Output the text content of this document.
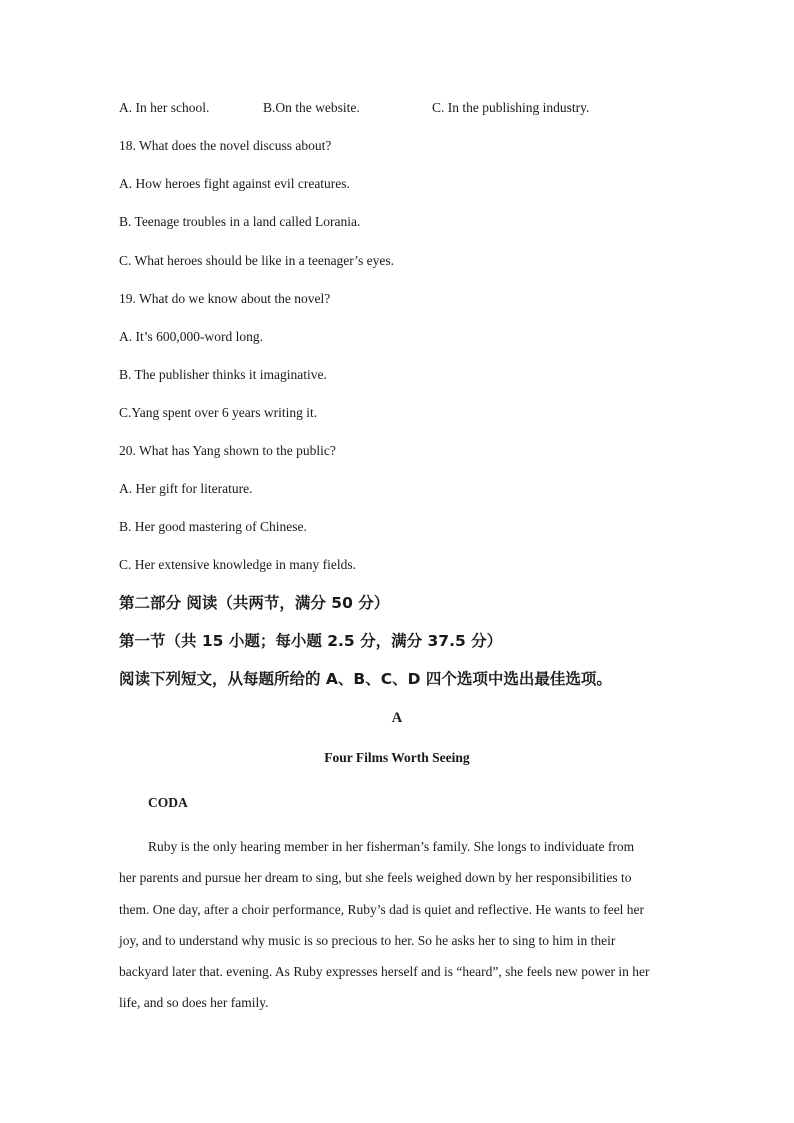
A. In her school.	B.On the website.	C. In the publishing industry.
18. What does the novel discuss about?
A. How heroes fight against evil creatures.
B. Teenage troubles in a land called Lorania.
C. What heroes should be like in a teenager’s eyes.
19. What do we know about the novel?
A. It’s 600,000-word long.
B. The publisher thinks it imaginative.
C.Yang spent over 6 years writing it.
20. What has Yang shown to the public?
A. Her gift for literature.
B. Her good mastering of Chinese.
C. Her extensive knowledge in many fields.
第二部分 阅读（共两节，满分 50 分）
第一节（共 15 小题；每小题 2.5 分，满分 37.5 分）
阅读下列短文，从每题所给的 A、B、C、D 四个选项中选出最佳选项。
A
Four Films Worth Seeing
CODA
Ruby is the only hearing member in her fisherman’s family. She longs to individuate from
her parents and pursue her dream to sing, but she feels weighed down by her responsibilities to
them. One day, after a choir performance, Ruby’s dad is quiet and reflective. He wants to feel her
joy, and to understand why music is so precious to her. So he asks her to sing to him in their
backyard later that. evening. As Ruby expresses herself and is “heard”, she feels new power in her
life, and so does her family.
